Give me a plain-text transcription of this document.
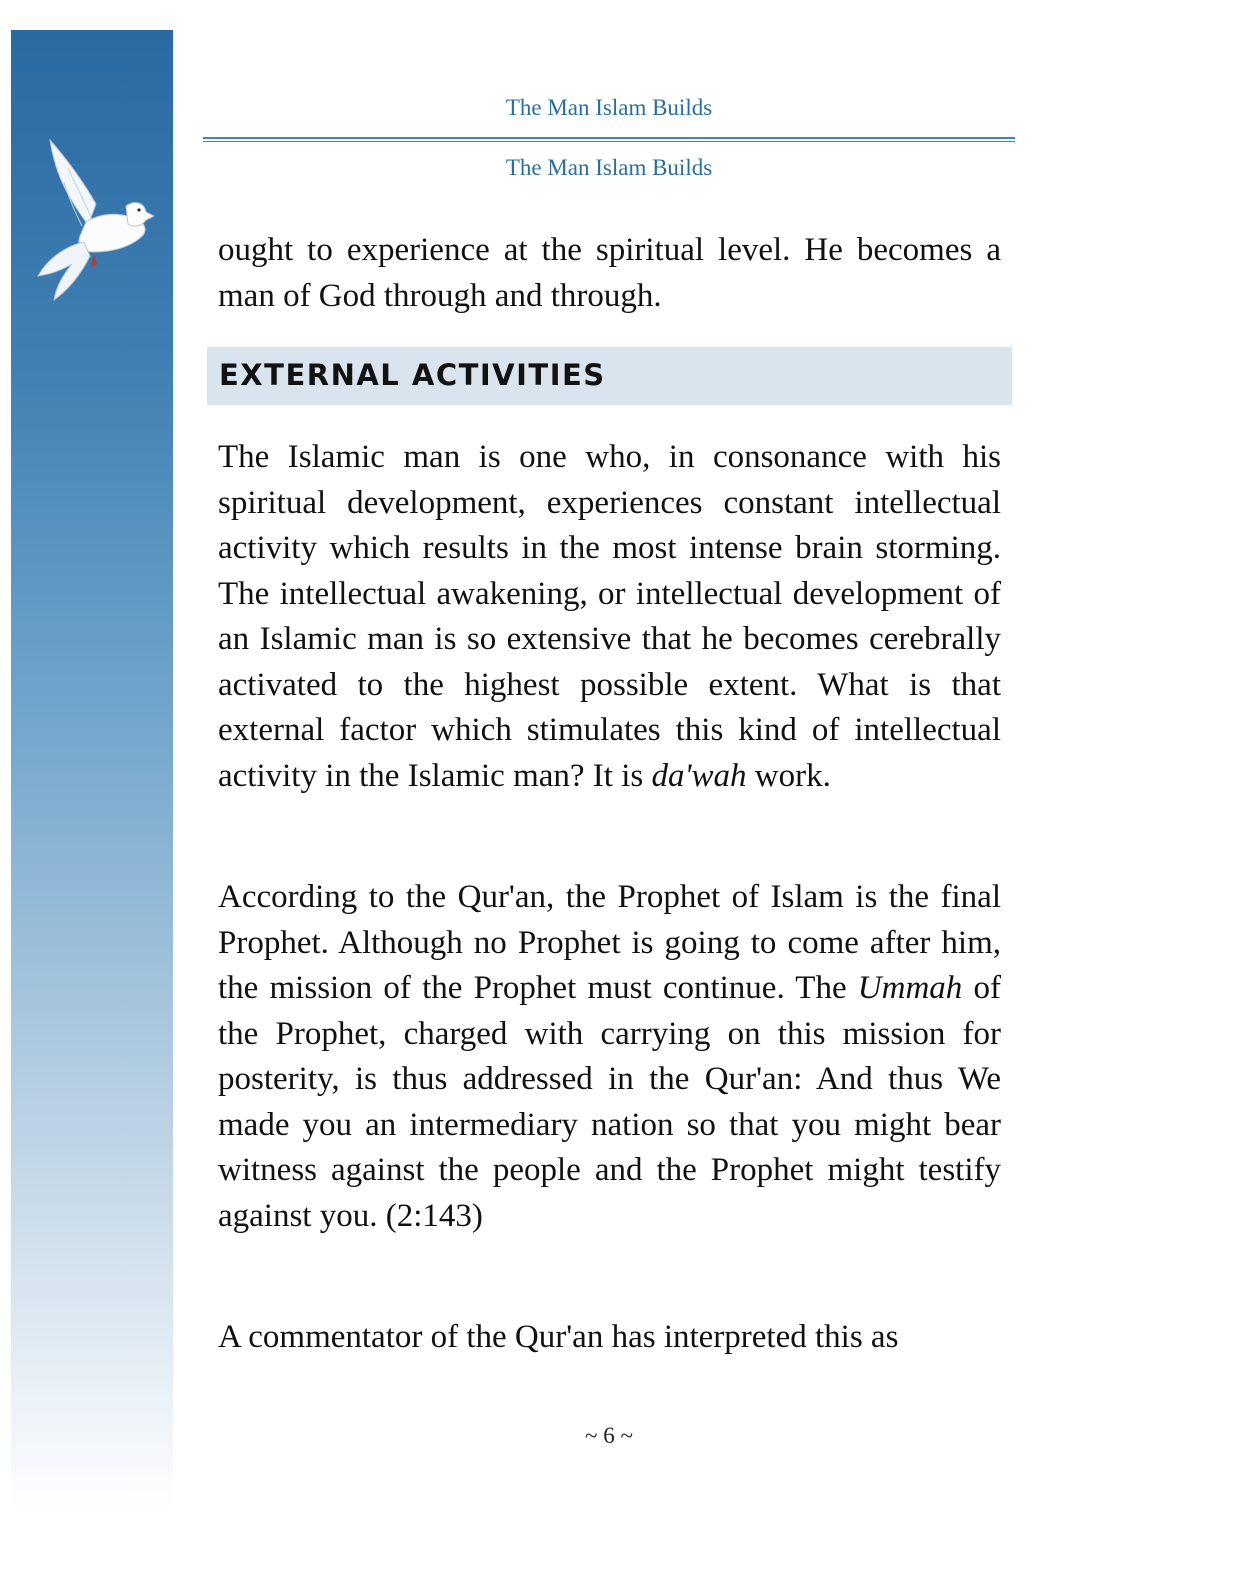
The Man Islam Builds
The Man Islam Builds

ought to experience at the spiritual level. He becomes a man of God through and through.

EXTERNAL ACTIVITIES

The Islamic man is one who, in consonance with his spiritual development, experiences constant intellectual activity which results in the most intense brain storming. The intellectual awakening, or intellectual development of an Islamic man is so extensive that he becomes cerebrally activated to the highest possible extent. What is that external factor which stimulates this kind of intellectual activity in the Islamic man? It is da'wah work.

According to the Qur'an, the Prophet of Islam is the final Prophet. Although no Prophet is going to come after him, the mission of the Prophet must continue. The Ummah of the Prophet, charged with carrying on this mission for posterity, is thus addressed in the Qur'an: And thus We made you an intermediary nation so that you might bear witness against the people and the Prophet might testify against you. (2:143)

A commentator of the Qur'an has interpreted this as

~ 6 ~
